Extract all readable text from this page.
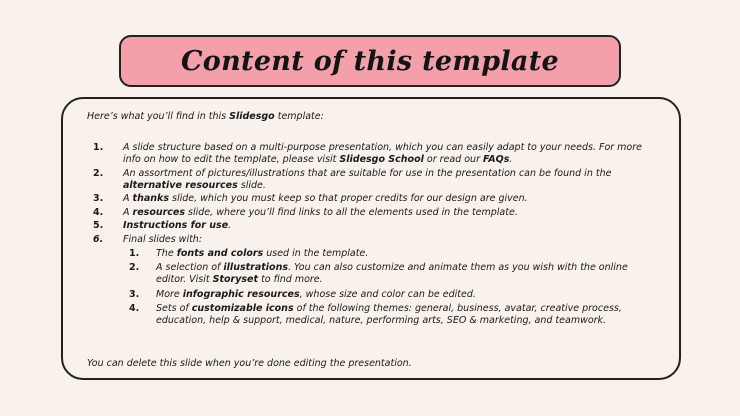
Content of this template
Here’s what you’ll find in this Slidesgo template:
1.	A slide structure based on a multi-purpose presentation, which you can easily adapt to your needs. For more info on how to edit the template, please visit Slidesgo School or read our FAQs.
2.	An assortment of pictures/illustrations that are suitable for use in the presentation can be found in the alternative resources slide.
3.	A thanks slide, which you must keep so that proper credits for our design are given.
4.	A resources slide, where you’ll find links to all the elements used in the template.
5.	Instructions for use.
6.	Final slides with:
1.	The fonts and colors used in the template.
2.	A selection of illustrations. You can also customize and animate them as you wish with the online editor. Visit Storyset to find more.
3.	More infographic resources, whose size and color can be edited.
4.	Sets of customizable icons of the following themes: general, business, avatar, creative process, education, help & support, medical, nature, performing arts, SEO & marketing, and teamwork.
You can delete this slide when you’re done editing the presentation.
